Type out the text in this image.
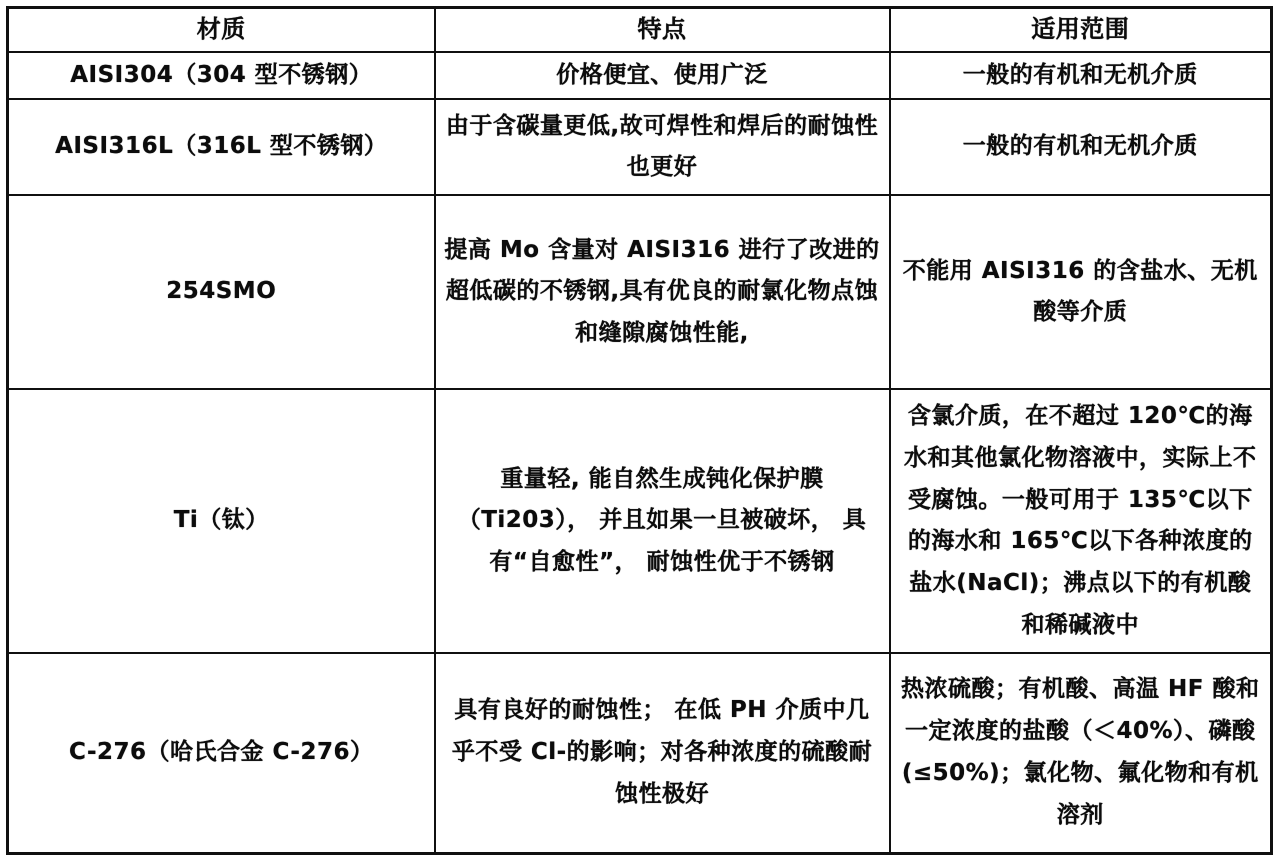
材质	特点	适用范围
AISI304（304 型不锈钢）	价格便宜、使用广泛	一般的有机和无机介质
AISI316L（316L 型不锈钢）	由于含碳量更低,故可焊性和焊后的耐蚀性也更好	一般的有机和无机介质
254SMO	提高 Mo 含量对 AISI316 进行了改进的超低碳的不锈钢,具有优良的耐氯化物点蚀和缝隙腐蚀性能,	不能用 AISI316 的含盐水、无机酸等介质
Ti（钛）	重量轻, 能自然生成钝化保护膜（Ti203）， 并且如果一旦被破坏， 具有“自愈性”， 耐蚀性优于不锈钢	含氯介质，在不超过 120℃的海水和其他氯化物溶液中，实际上不受腐蚀。一般可用于 135℃以下的海水和 165℃以下各种浓度的盐水(NaCl)；沸点以下的有机酸和稀碱液中
C-276（哈氏合金 C-276）	具有良好的耐蚀性； 在低 PH 介质中几乎不受 Cl-的影响；对各种浓度的硫酸耐蚀性极好	热浓硫酸；有机酸、高温 HF 酸和一定浓度的盐酸（＜40%）、磷酸(≤50%)；氯化物、氟化物和有机溶剂
